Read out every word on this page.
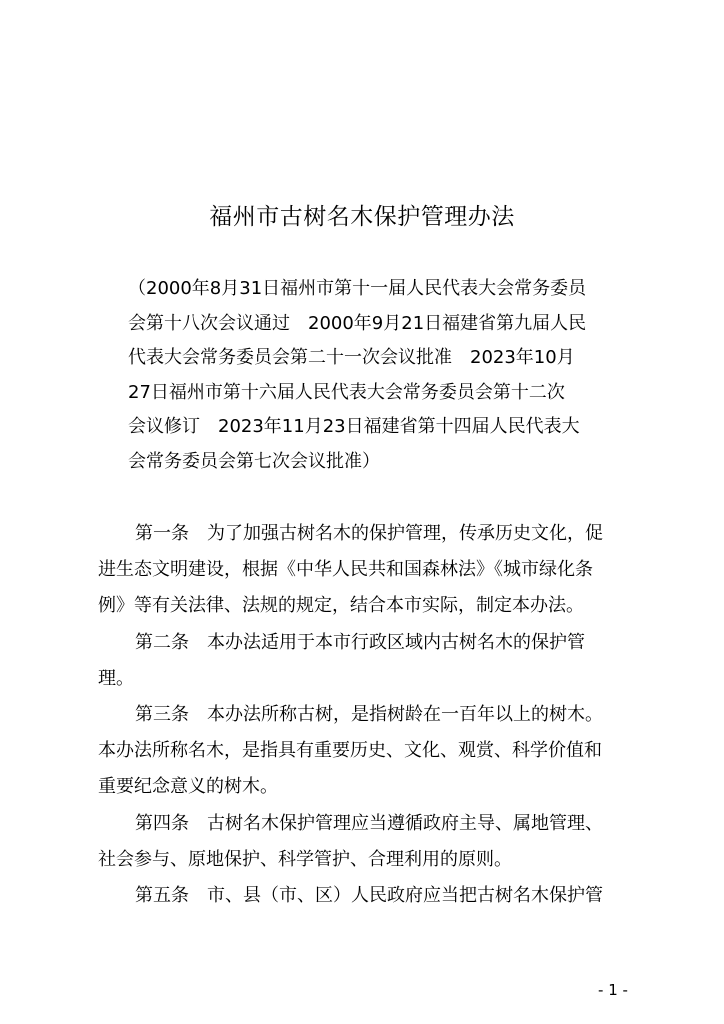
福州市古树名木保护管理办法
（2000年8月31日福州市第十一届人民代表大会常务委员
会第十八次会议通过　2000年9月21日福建省第九届人民
代表大会常务委员会第二十一次会议批准　2023年10月
27日福州市第十六届人民代表大会常务委员会第十二次
会议修订　2023年11月23日福建省第十四届人民代表大
会常务委员会第七次会议批准）
第一条　为了加强古树名木的保护管理，传承历史文化，促
进生态文明建设，根据《中华人民共和国森林法》《城市绿化条
例》等有关法律、法规的规定，结合本市实际，制定本办法。
第二条　本办法适用于本市行政区域内古树名木的保护管
理。
第三条　本办法所称古树，是指树龄在一百年以上的树木。
本办法所称名木，是指具有重要历史、文化、观赏、科学价值和
重要纪念意义的树木。
第四条　古树名木保护管理应当遵循政府主导、属地管理、
社会参与、原地保护、科学管护、合理利用的原则。
第五条　市、县（市、区）人民政府应当把古树名木保护管
- 1 -
